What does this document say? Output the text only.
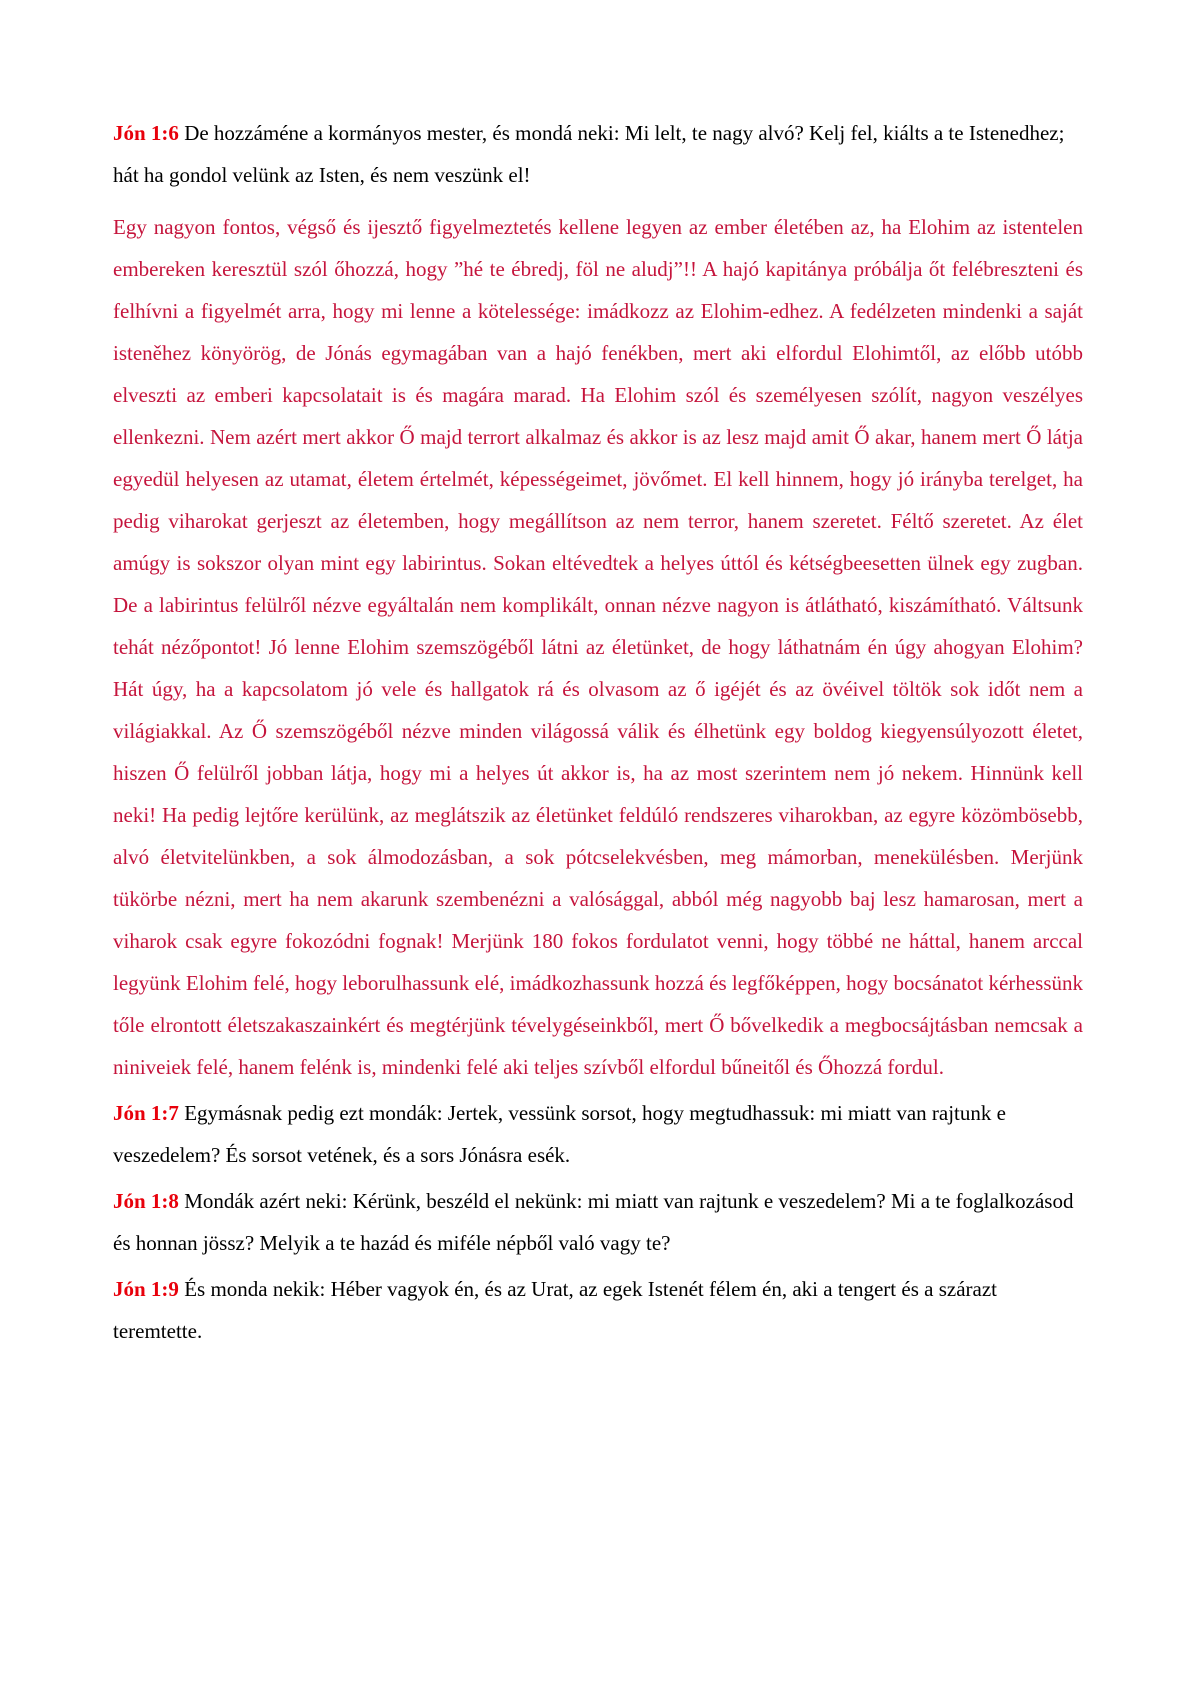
Jón 1:6 De hozzáméne a kormányos mester, és mondá neki: Mi lelt, te nagy alvó? Kelj fel, kiálts a te Istenedhez; hát ha gondol velünk az Isten, és nem veszünk el!

Egy nagyon fontos, végső és ijesztő figyelmeztetés kellene legyen az ember életében az, ha Elohim az istentelen embereken keresztül szól őhozzá, hogy ”hé te ébredj, föl ne aludj”!! A hajó kapitánya próbálja őt felébreszteni és felhívni a figyelmét arra, hogy mi lenne a kötelessége: imádkozz az Elohim-edhez. A fedélzeten mindenki a saját isteněhez könyörög, de Jónás egymagában van a hajó fenékben, mert aki elfordul Elohimtől, az előbb utóbb elveszti az emberi kapcsolatait is és magára marad. Ha Elohim szól és személyesen szólít, nagyon veszélyes ellenkezni. Nem azért mert akkor Ő majd terrort alkalmaz és akkor is az lesz majd amit Ő akar, hanem mert Ő látja egyedül helyesen az utamat, életem értelmét, képességeimet, jövőmet. El kell hinnem, hogy jó irányba terelget, ha pedig viharokat gerjeszt az életemben, hogy megállítson az nem terror, hanem szeretet. Féltő szeretet. Az élet amúgy is sokszor olyan mint egy labirintus. Sokan eltévedtek a helyes úttól és kétségbeesetten ülnek egy zugban. De a labirintus felülről nézve egyáltalán nem komplikált, onnan nézve nagyon is átlátható, kiszámítható. Váltsunk tehát nézőpontot! Jó lenne Elohim szemszögéből látni az életünket, de hogy láthatnám én úgy ahogyan Elohim? Hát úgy, ha a kapcsolatom jó vele és hallgatok rá és olvasom az ő igéjét és az övéivel töltök sok időt nem a világiakkal. Az Ő szemszögéből nézve minden világossá válik és élhetünk egy boldog kiegyensúlyozott életet, hiszen Ő felülről jobban látja, hogy mi a helyes út akkor is, ha az most szerintem nem jó nekem. Hinnünk kell neki! Ha pedig lejtőre kerülünk, az meglátszik az életünket feldúló rendszeres viharokban, az egyre közömbösebb, alvó életvitelünkben, a sok álmodozásban, a sok pótcselekvésben, meg mámorban, menekülésben. Merjünk tükörbe nézni, mert ha nem akarunk szembenézni a valósággal, abból még nagyobb baj lesz hamarosan, mert a viharok csak egyre fokozódni fognak! Merjünk 180 fokos fordulatot venni, hogy többé ne háttal, hanem arccal legyünk Elohim felé, hogy leborulhassunk elé, imádkozhassunk hozzá és legfőképpen, hogy bocsánatot kérhessünk tőle elrontott életszakaszainkért és megtérjünk tévelygéseinkből, mert Ő bővelkedik a megbocsájtásban nemcsak a niniveiek felé, hanem felénk is, mindenki felé aki teljes szívből elfordul bűneitől és Őhozzá fordul.

Jón 1:7 Egymásnak pedig ezt mondák: Jertek, vessünk sorsot, hogy megtudhassuk: mi miatt van rajtunk e veszedelem? És sorsot vetének, és a sors Jónásra esék.

Jón 1:8 Mondák azért neki: Kérünk, beszéld el nekünk: mi miatt van rajtunk e veszedelem? Mi a te foglalkozásod és honnan jössz? Melyik a te hazád és miféle népből való vagy te?

Jón 1:9 És monda nekik: Héber vagyok én, és az Urat, az egek Istenét félem én, aki a tengert és a szárazt teremtette.
